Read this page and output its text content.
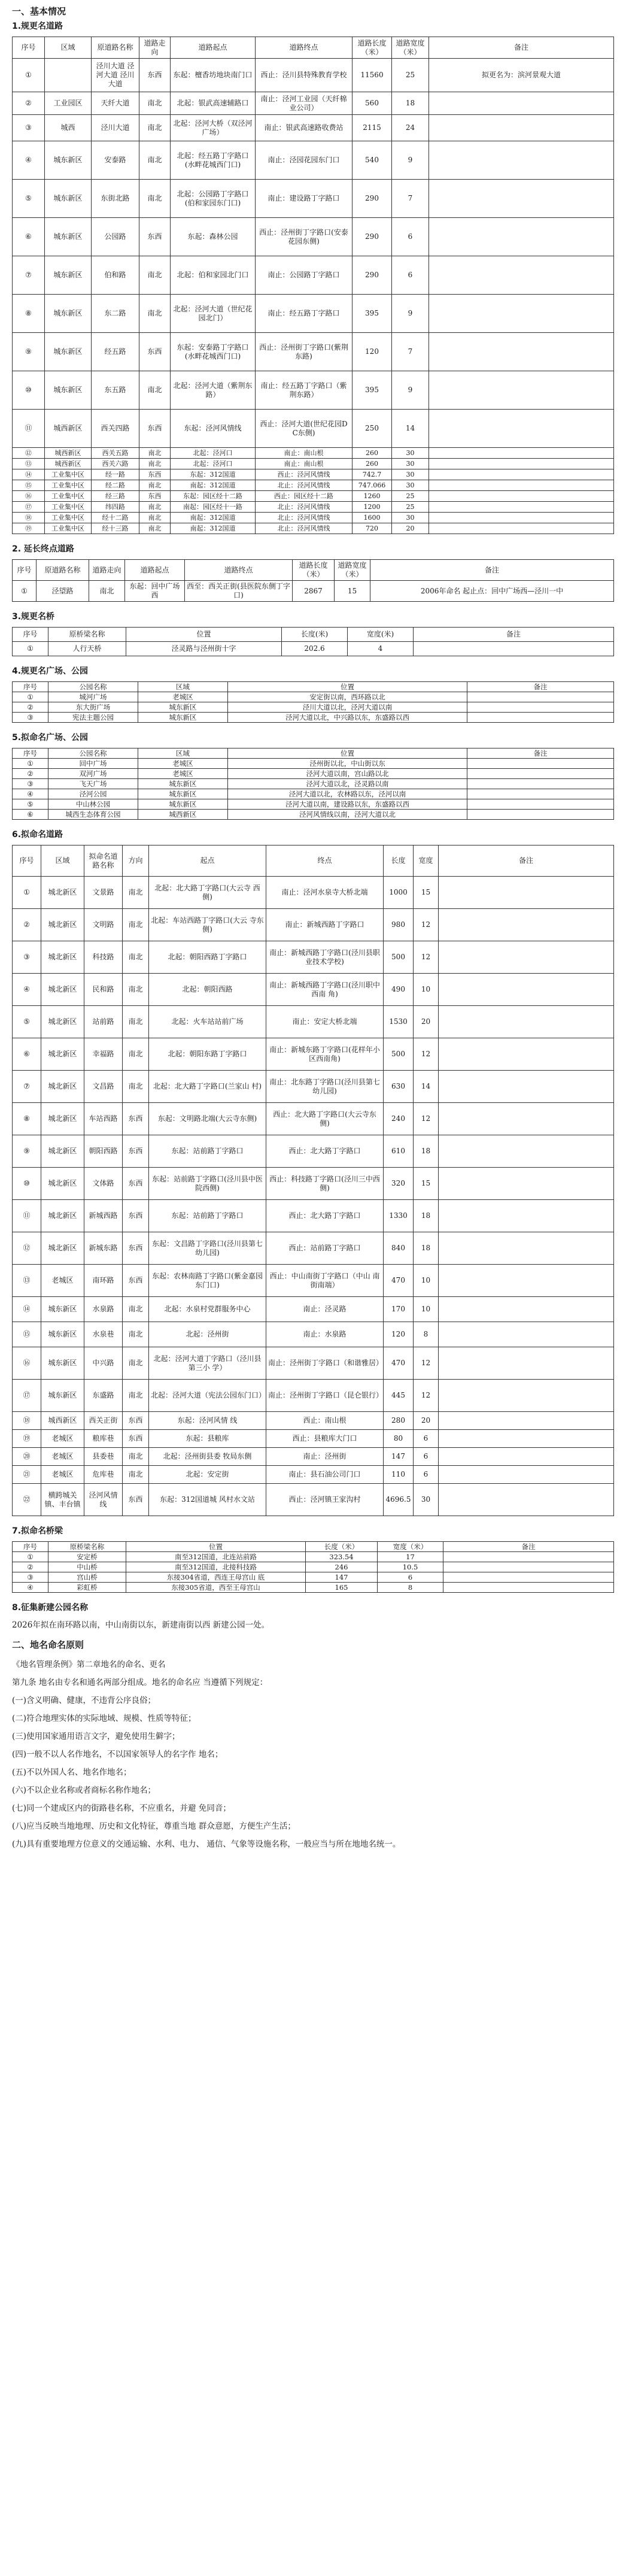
一、基本情况
1.规更名道路
序号	区域	原道路名称	道路走向	道路起点	道路终点	道路长度（米）	道路宽度（米）	备注
①		泾川大道 泾河大道 泾川大道	东西	东起：檀香坊地块南门口	西止：泾川县特殊教育学校	11560	25	拟更名为：滨河景观大道
②	工业园区	天纤大道	南北	北起：银武高速辅路口	南止：泾河工业园（天纤棉业公司）	560	18	
③	城西	泾川大道	南北	北起：泾河大桥（双泾河广场）	南止：银武高速路收费站	2115	24	
④	城东新区	安泰路	南北	北起：经五路丁字路口(水畔花城西门口)	南止：泾园花园东门口	540	9	
⑤	城东新区	东街北路	南北	北起：公园路丁字路口(伯和家园东门口)	南止：建设路丁字路口	290	7	
⑥	城东新区	公园路	东西	东起：森林公园	西止：泾州街丁字路口(安泰花园东侧)	290	6	
⑦	城东新区	伯和路	南北	北起：伯和家园北门口	南止：公园路丁字路口	290	6	
⑧	城东新区	东二路	南北	北起：泾河大道（世纪花园北门）	南止：经五路丁字路口	395	9	
⑨	城东新区	经五路	东西	东起：安泰路丁字路口(水畔花城西门口)	西止：泾州街丁字路口(紫荆东路)	120	7	
⑩	城东新区	东五路	南北	北起：泾河大道（紫荆东路）	南止：经五路丁字路口（紫荆东路）	395	9	
⑪	城西新区	西关四路	东西	东起：泾河风情线	西止：泾河大道(世纪花园DC东侧)	250	14	
⑫	城西新区	西关五路	南北	北起：泾河口	南止：南山根	260	30	
⑬	城西新区	西关六路	南北	北起：泾河口	南止：南山根	260	30	
⑭	工业集中区	经一路	东西	东起：312国道	西止：泾河风情线	742.7	30	
⑮	工业集中区	经二路	南北	南起：312国道	北止：泾河风情线	747.066	30	
⑯	工业集中区	经三路	东西	东起：园区经十二路	西止：园区经十二路	1260	25	
⑰	工业集中区	纬四路	南北	南起：园区经十一路	北止：泾河风情线	1200	25	
⑱	工业集中区	经十二路	南北	南起：312国道	北止：泾河风情线	1600	30	
⑲	工业集中区	经十三路	南北	南起：312国道	北止：泾河风情线	720	20	
2. 延长终点道路
序号	原道路名称	道路走向	道路起点	道路终点	道路长度（米）	道路宽度（米）	备注
①	泾望路	南北	东起：回中广场西	西至：西关正街(县医院东侧丁字口)	2867	15	2006年命名 起止点：回中广场西—泾川一中
3.规更名桥
序号	原桥梁名称	位置	长度(米)	宽度(米)	备注
①	人行天桥	泾灵路与泾州街十字	202.6	4	
4.规更名广场、公园
序号	公园名称	区域	位置	备注
①	城河广场	老城区	安定街以南，西环路以北	
②	东大街广场	城东新区	泾川大道以北，泾河大道以南	
③	宪法主题公园	城东新区	泾河大道以北，中兴路以东，东盛路以西	
5.拟命名广场、公园
序号	公园名称	区域	位置	备注
①	回中广场	老城区	泾州街以北，中山街以东	
②	双河广场	老城区	泾河大道以南，宫山路以北	
③	飞天广场	城东新区	泾河大道以北，泾灵路以南	
④	泾河公园	城东新区	泾河大道以北，农林路以东，泾河以南	
⑤	中山林公园	城东新区	泾河大道以南，建设路以东，东盛路以西	
⑥	城西生态体育公园	城西新区	泾河风情线以南，泾河大道以北	
6.拟命名道路
序号	区域	拟命名道路名称	方向	起点	终点	长度	宽度	备注
①	城北新区	文景路	南北	北起：北大路丁字路口(大云寺 西侧)	南止：泾河水泉寺大桥北端	1000	15	
②	城北新区	文明路	南北	北起：车站西路丁字路口(大云 寺东侧)	南止：新城西路丁字路口	980	12	
③	城北新区	科技路	南北	北起：朝阳西路丁字路口	南止：新城西路丁字路口(泾川县职业技术学校)	500	12	
④	城北新区	民和路	南北	北起：朝阳西路	南止：新城西路丁字路口(泾川职中西南 角)	490	10	
⑤	城北新区	站前路	南北	北起：火车站站前广场	南止：安定大桥北端	1530	20	
⑥	城北新区	幸福路	南北	北起：朝阳东路丁字路口	南止：新城东路丁字路口(花样年小区西南角)	500	12	
⑦	城北新区	文昌路	南北	北起：北大路丁字路口(兰家山 村)	南止：北东路丁字路口(泾川县第七幼儿园)	630	14	
⑧	城北新区	车站西路	东西	东起：文明路北端(大云寺东侧)	西止：北大路丁字路口(大云寺东侧)	240	12	
⑨	城北新区	朝阳西路	东西	东起：站前路丁字路口	西止：北大路丁字路口	610	18	
⑩	城北新区	文体路	东西	东起：站前路丁字路口(泾川县中医院西侧)	西止：科技路丁字路口(泾川三中西侧)	320	15	
⑪	城北新区	新城西路	东西	东起：站前路丁字路口	西止：北大路丁字路口	1330	18	
⑫	城北新区	新城东路	东西	东起：文昌路丁字路口(泾川县第七幼儿园)	西止：站前路丁字路口	840	18	
⑬	老城区	南环路	东西	东起：农林南路丁字路口(紫金嘉园东门口)	西止：中山南街丁字路口（中山 南街南端）	470	10	
⑭	城东新区	水泉路	南北	北起：水泉村党群服务中心	南止：泾灵路	170	10	
⑮	城东新区	水泉巷	南北	北起：泾州街	南止：水泉路	120	8	
⑯	城东新区	中兴路	南北	北起：泾河大道丁字路口（泾川县第三小 学）	南止：泾州街丁字路口（和谐雅居）	470	12	
⑰	城东新区	东盛路	南北	北起：泾河大道（宪法公园东门口）	南止：泾州街丁字路口（昆仑银行）	445	12	
⑱	城西新区	西关正街	东西	东起：泾河风情 线	西止：南山根	280	20	
⑲	老城区	粮库巷	东西	东起：县粮库	西止：县粮库大门口	80	6	
⑳	老城区	县委巷	南北	北起：泾州街县委 牧局东侧	南止：泾州街	147	6	
㉑	老城区	危库巷	南北	北起：安定街	南止：县石油公司门口	110	6	
㉒	横跨城关镇、丰台镇	泾河风情线	东西	东起：312国道城 风村水文站	西止：泾河镇王家沟村	4696.5	30	
7.拟命名桥梁
序号	原桥梁名称	位置	长度（米）	宽度（米）	备注
①	安定桥	南至312国道，北连站前路	323.54	17	
②	中山桥	南至312国道，北接科技路	246	10.5	
③	宫山桥	东接304省道，西连王母宫山 底	147	6	
④	彩虹桥	东接305省道，西至王母宫山	165	8	
8.征集新建公园名称

2026年拟在南环路以南，中山南街以东，新建南街以西 新建公园一处。

二、地名命名原则

《地名管理条例》第二章地名的命名、更名

第九条 地名由专名和通名两部分组成。地名的命名应 当遵循下列规定：

(一)含义明确、健康，不违背公序良俗；

(二)符合地理实体的实际地域、规模、性质等特征；

(三)使用国家通用语言文字，避免使用生僻字；

(四)一般不以人名作地名，不以国家领导人的名字作 地名；

(五)不以外国人名、地名作地名；

(六)不以企业名称或者商标名称作地名；

(七)同一个建成区内的街路巷名称，不应重名，并避 免同音；

(八)应当反映当地地理、历史和文化特征，尊重当地 群众意愿，方便生产生活；

(九)具有重要地理方位意义的交通运输、水利、电力、 通信、气象等设施名称，一般应当与所在地地名统一。
